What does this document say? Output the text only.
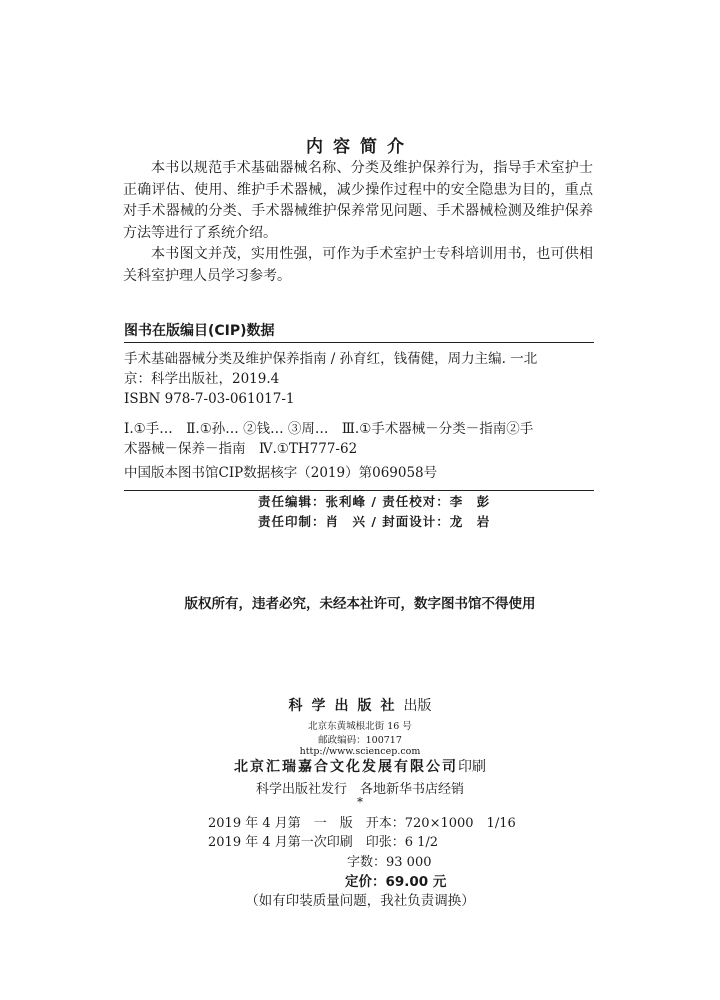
内容简介
本书以规范手术基础器械名称、分类及维护保养行为，指导手术室护士正确评估、使用、维护手术器械，减少操作过程中的安全隐患为目的，重点对手术器械的分类、手术器械维护保养常见问题、手术器械检测及维护保养方法等进行了系统介绍。
本书图文并茂，实用性强，可作为手术室护士专科培训用书，也可供相关科室护理人员学习参考。
图书在版编目(CIP)数据
手术基础器械分类及维护保养指南 / 孙育红，钱蒨健，周力主编. 一北
京：科学出版社，2019.4
ISBN 978-7-03-061017-1
Ⅰ.①手…　Ⅱ.①孙… ②钱… ③周…　Ⅲ.①手术器械－分类－指南②手
术器械－保养－指南　Ⅳ.①TH777-62
中国版本图书馆CIP数据核字（2019）第069058号
责任编辑：张利峰 / 责任校对：李　彭
责任印制：肖　兴 / 封面设计：龙　岩
版权所有，违者必究，未经本社许可，数字图书馆不得使用
科学出版社出版
北京东黄城根北街 16 号
邮政编码：100717
http://www.sciencep.com
北京汇瑞嘉合文化发展有限公司印刷
科学出版社发行　各地新华书店经销
*
2019 年 4 月第　一　版　开本：720×1000　1/16
2019 年 4 月第一次印刷　印张：6 1/2
字数：93 000
定价：69.00 元
（如有印装质量问题，我社负责调换）
